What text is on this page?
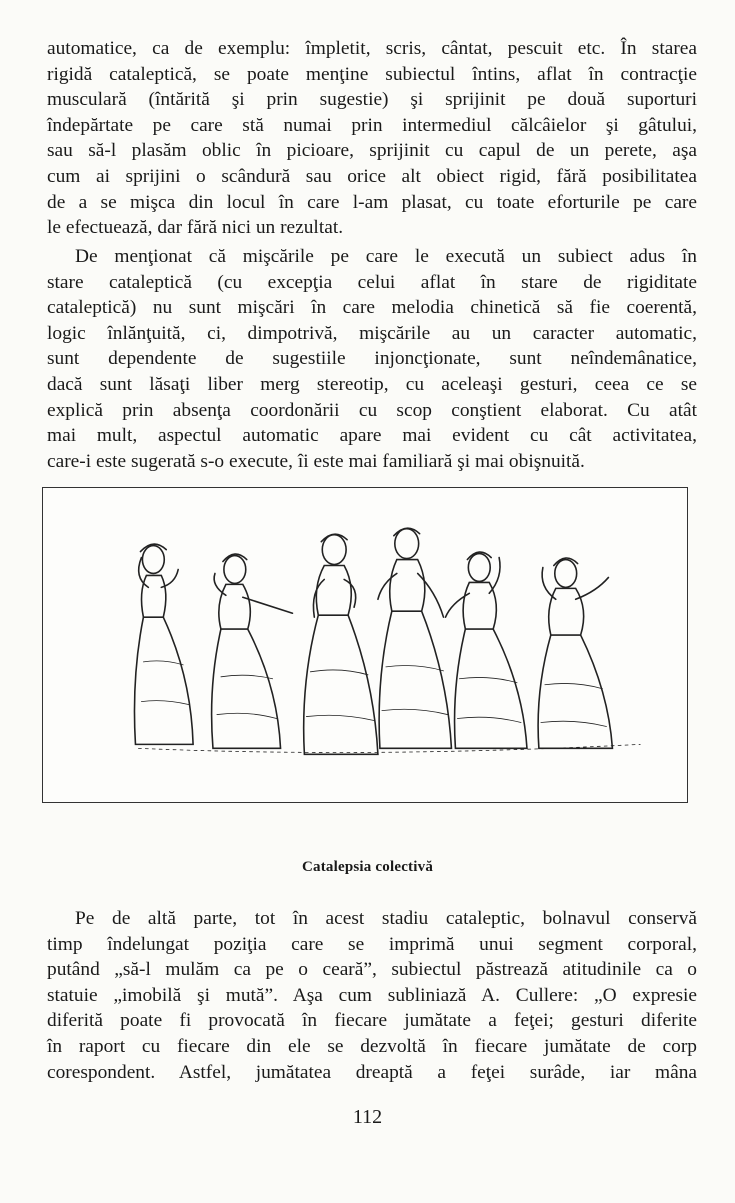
automatice, ca de exemplu: împletit, scris, cântat, pescuit etc. În starea
rigidă cataleptică, se poate menţine subiectul întins, aflat în contracţie
musculară (întărită şi prin sugestie) şi sprijinit pe două suporturi
îndepărtate pe care stă numai prin intermediul călcâielor şi gâtului,
sau să-l plasăm oblic în picioare, sprijinit cu capul de un perete, aşa
cum ai sprijini o scândură sau orice alt obiect rigid, fără posibilitatea
de a se mişca din locul în care l-am plasat, cu toate eforturile pe care
le efectuează, dar fără nici un rezultat.

De menţionat că mişcările pe care le execută un subiect adus în
stare cataleptică (cu excepţia celui aflat în stare de rigiditate
cataleptică) nu sunt mişcări în care melodia chinetică să fie coerentă,
logic înlănţuită, ci, dimpotrivă, mişcările au un caracter automatic,
sunt dependente de sugestiile injoncţionate, sunt neîndemânatice,
dacă sunt lăsaţi liber merg stereotip, cu aceleaşi gesturi, ceea ce se
explică prin absenţa coordonării cu scop conştient elaborat. Cu atât
mai mult, aspectul automatic apare mai evident cu cât activitatea,
care-i este sugerată s-o execute, îi este mai familiară şi mai obişnuită.

Catalepsia colectivă

Pe de altă parte, tot în acest stadiu cataleptic, bolnavul conservă
timp îndelungat poziţia care se imprimă unui segment corporal,
putând „să-l mulăm ca pe o ceară”, subiectul păstrează atitudinile ca o
statuie „imobilă şi mută”. Aşa cum subliniază A. Cullere: „O expresie
diferită poate fi provocată în fiecare jumătate a feţei; gesturi diferite
în raport cu fiecare din ele se dezvoltă în fiecare jumătate de corp
corespondent. Astfel, jumătatea dreaptă a feţei surâde, iar mâna

112
